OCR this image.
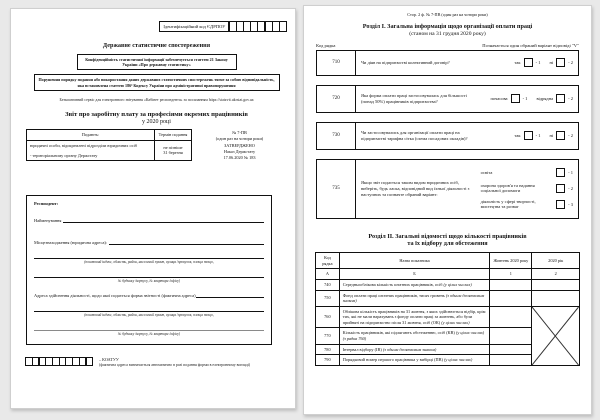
Ідентифікаційний код ЄДРПОУ
Державне статистичне спостереження
Конфіденційність статистичної інформації забезпечується статтею 21 Закону України «Про державну статистику»
Порушення порядку подання або використання даних державних статистичних спостережень тягне за собою відповідальність, яка встановлена статтею 186³ Кодексу України про адміністративні правопорушення
Безкоштовний сервіс для електронного звітування «Кабінет респондента» за посиланням https://statzvit.ukrstat.gov.ua
Звіт про заробітну плату за професіями окремих працівників
у 2020 році
Подають:	Термін подання

юридичні особи, відокремлені підрозділи юридичних осіб
- територіальному органу Держстату

не пізніше
31 березня
№ 7-ПВ
(один раз на чотири роки)
ЗАТВЕРДЖЕНО
Наказ Держстату
17.06.2020 № 183
Респондент:
Найменування
Місцезнаходження (юридична адреса):
(поштовий індекс, область, район, населений пункт, вулиця /провулок, площа тощо,
№ будинку /корпусу, № квартири /офісу)
Адреса здійснення діяльності, щодо якої подається форма звітності (фактична адреса)
(поштовий індекс, область, район, населений пункт, вулиця /провулок, площа тощо,
№ будинку /корпусу, № квартири /офісу)
– КОАТУУ
(фактична адреса визначається автоматично в разі подання форми в електронному вигляді)
Стор. 2 ф. № 7-ПВ (один раз на чотири роки)
Розділ І. Загальна інформація щодо організації оплати праці
(станом на 31 грудня 2020 року)
Код рядка	Позначається один обраний варіант відповіді "V"
710	Чи діяв на підприємстві колективний договір?	так	- 1 ні	- 2
720
Яка форма оплати праці застосовувалась для більшості (понад 50%) працівників підприємства?	почасова	- 1 відрядна	- 2
730
Чи застосовувались для організації оплати праці на підприємстві тарифна сітка (схема посадових окладів)?	так	- 1 ні	- 2
735
Якщо звіт подається таким видом юридичних осіб, виберіть, будь ласка, відповідний вид їхньої діяльності з наступних та позначте обраний варіант:
освіта	- 1
охорона здоров'я та надання соціальної допомоги	- 2
діяльність у сфері творчості, мистецтва та розваг	- 3
Розділ ІІ. Загальні відомості щодо кількості працівників
та їх відбору для обстеження
Код рядка	Назва показника	Жовтень 2020 року	2020 рік
А	Б	1	2
740	Середньооблікова кількість штатних працівників, осіб (у цілих числах)		
750	Фонд оплати праці штатних працівників, тисяч гривень (з одним десятковим знаком)		
760	Облікова кількість працівників на 31 жовтня, з яких здійснюється відбір, крім тих, які не мали нарахувань з фонду оплати праці за жовтень, або були прийняті на підприємство після 31 жовтня, осіб (ОК) (у цілих числах)		

770	Кількість працівників, які підлягають обстеженню, осіб (КВ) (у цілих числах) (з рядка 760)		
780	Інтервал відбору (ІВ) (з одним десятковим знаком)		
790	Порядковий номер першого працівника у вибірці (ПВ) (у цілих числах)		
